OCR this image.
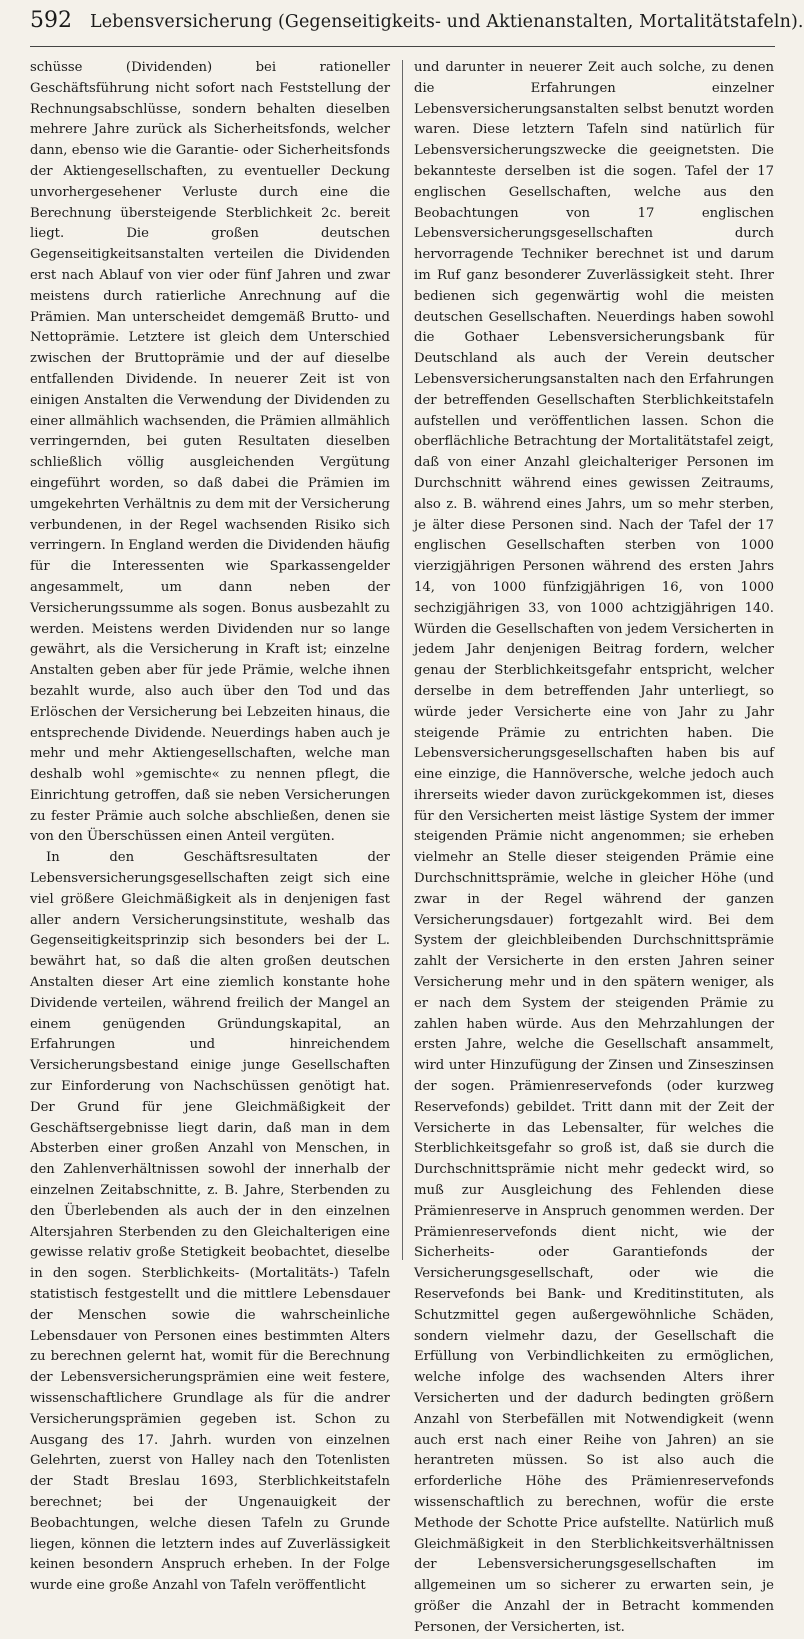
592 Lebensversicherung (Gegenseitigkeits- und Aktienanstalten, Mortalitätstafeln).

schüsse (Dividenden) bei rationeller Geschäftsführung nicht sofort nach Feststellung der Rechnungsabschlüsse, sondern behalten dieselben mehrere Jahre zurück als Sicherheitsfonds, welcher dann, ebenso wie die Garantie- oder Sicherheitsfonds der Aktiengesellschaften, zu eventueller Deckung unvorhergesehener Verluste durch eine die Berechnung übersteigende Sterblichkeit 2c. bereit liegt. Die großen deutschen Gegenseitigkeitsanstalten verteilen die Dividenden erst nach Ablauf von vier oder fünf Jahren und zwar meistens durch ratierliche Anrechnung auf die Prämien. Man unterscheidet demgemäß Brutto- und Nettoprämie. Letztere ist gleich dem Unterschied zwischen der Bruttoprämie und der auf dieselbe entfallenden Dividende. In neuerer Zeit ist von einigen Anstalten die Verwendung der Dividenden zu einer allmählich wachsenden, die Prämien allmählich verringernden, bei guten Resultaten dieselben schließlich völlig ausgleichenden Vergütung eingeführt worden, so daß dabei die Prämien im umgekehrten Verhältnis zu dem mit der Versicherung verbundenen, in der Regel wachsenden Risiko sich verringern. In England werden die Dividenden häufig für die Interessenten wie Sparkassengelder angesammelt, um dann neben der Versicherungssumme als sogen. Bonus ausbezahlt zu werden. Meistens werden Dividenden nur so lange gewährt, als die Versicherung in Kraft ist; einzelne Anstalten geben aber für jede Prämie, welche ihnen bezahlt wurde, also auch über den Tod und das Erlöschen der Versicherung bei Lebzeiten hinaus, die entsprechende Dividende. Neuerdings haben auch je mehr und mehr Aktiengesellschaften, welche man deshalb wohl »gemischte« zu nennen pflegt, die Einrichtung getroffen, daß sie neben Versicherungen zu fester Prämie auch solche abschließen, denen sie von den Überschüssen einen Anteil vergüten.

In den Geschäftsresultaten der Lebensversicherungsgesellschaften zeigt sich eine viel größere Gleichmäßigkeit als in denjenigen fast aller andern Versicherungsinstitute, weshalb das Gegenseitigkeitsprinzip sich besonders bei der L. bewährt hat, so daß die alten großen deutschen Anstalten dieser Art eine ziemlich konstante hohe Dividende verteilen, während freilich der Mangel an einem genügenden Gründungskapital, an Erfahrungen und hinreichendem Versicherungsbestand einige junge Gesellschaften zur Einforderung von Nachschüssen genötigt hat. Der Grund für jene Gleichmäßigkeit der Geschäftsergebnisse liegt darin, daß man in dem Absterben einer großen Anzahl von Menschen, in den Zahlenverhältnissen sowohl der innerhalb der einzelnen Zeitabschnitte, z. B. Jahre, Sterbenden zu den Überlebenden als auch der in den einzelnen Altersjahren Sterbenden zu den Gleichalterigen eine gewisse relativ große Stetigkeit beobachtet, dieselbe in den sogen. Sterblichkeits- (Mortalitäts-) Tafeln statistisch festgestellt und die mittlere Lebensdauer der Menschen sowie die wahrscheinliche Lebensdauer von Personen eines bestimmten Alters zu berechnen gelernt hat, womit für die Berechnung der Lebensversicherungsprämien eine weit festere, wissenschaftlichere Grundlage als für die andrer Versicherungsprämien gegeben ist. Schon zu Ausgang des 17. Jahrh. wurden von einzelnen Gelehrten, zuerst von Halley nach den Totenlisten der Stadt Breslau 1693, Sterblichkeitstafeln berechnet; bei der Ungenauigkeit der Beobachtungen, welche diesen Tafeln zu Grunde liegen, können die letztern indes auf Zuverlässigkeit keinen besondern Anspruch erheben. In der Folge wurde eine große Anzahl von Tafeln veröffentlicht

und darunter in neuerer Zeit auch solche, zu denen die Erfahrungen einzelner Lebensversicherungsanstalten selbst benutzt worden waren. Diese letztern Tafeln sind natürlich für Lebensversicherungszwecke die geeignetsten. Die bekannteste derselben ist die sogen. Tafel der 17 englischen Gesellschaften, welche aus den Beobachtungen von 17 englischen Lebensversicherungsgesellschaften durch hervorragende Techniker berechnet ist und darum im Ruf ganz besonderer Zuverlässigkeit steht. Ihrer bedienen sich gegenwärtig wohl die meisten deutschen Gesellschaften. Neuerdings haben sowohl die Gothaer Lebensversicherungsbank für Deutschland als auch der Verein deutscher Lebensversicherungsanstalten nach den Erfahrungen der betreffenden Gesellschaften Sterblichkeitstafeln aufstellen und veröffentlichen lassen. Schon die oberflächliche Betrachtung der Mortalitätstafel zeigt, daß von einer Anzahl gleichalteriger Personen im Durchschnitt während eines gewissen Zeitraums, also z. B. während eines Jahrs, um so mehr sterben, je älter diese Personen sind. Nach der Tafel der 17 englischen Gesellschaften sterben von 1000 vierzigjährigen Personen während des ersten Jahrs 14, von 1000 fünfzigjährigen 16, von 1000 sechzigjährigen 33, von 1000 achtzigjährigen 140. Würden die Gesellschaften von jedem Versicherten in jedem Jahr denjenigen Beitrag fordern, welcher genau der Sterblichkeitsgefahr entspricht, welcher derselbe in dem betreffenden Jahr unterliegt, so würde jeder Versicherte eine von Jahr zu Jahr steigende Prämie zu entrichten haben. Die Lebensversicherungsgesellschaften haben bis auf eine einzige, die Hannöversche, welche jedoch auch ihrerseits wieder davon zurückgekommen ist, dieses für den Versicherten meist lästige System der immer steigenden Prämie nicht angenommen; sie erheben vielmehr an Stelle dieser steigenden Prämie eine Durchschnittsprämie, welche in gleicher Höhe (und zwar in der Regel während der ganzen Versicherungsdauer) fortgezahlt wird. Bei dem System der gleichbleibenden Durchschnittsprämie zahlt der Versicherte in den ersten Jahren seiner Versicherung mehr und in den spätern weniger, als er nach dem System der steigenden Prämie zu zahlen haben würde. Aus den Mehrzahlungen der ersten Jahre, welche die Gesellschaft ansammelt, wird unter Hinzufügung der Zinsen und Zinseszinsen der sogen. Prämienreservefonds (oder kurzweg Reservefonds) gebildet. Tritt dann mit der Zeit der Versicherte in das Lebensalter, für welches die Sterblichkeitsgefahr so groß ist, daß sie durch die Durchschnittsprämie nicht mehr gedeckt wird, so muß zur Ausgleichung des Fehlenden diese Prämienreserve in Anspruch genommen werden. Der Prämienreservefonds dient nicht, wie der Sicherheits- oder Garantiefonds der Versicherungsgesellschaft, oder wie die Reservefonds bei Bank- und Kreditinstituten, als Schutzmittel gegen außergewöhnliche Schäden, sondern vielmehr dazu, der Gesellschaft die Erfüllung von Verbindlichkeiten zu ermöglichen, welche infolge des wachsenden Alters ihrer Versicherten und der dadurch bedingten größern Anzahl von Sterbefällen mit Notwendigkeit (wenn auch erst nach einer Reihe von Jahren) an sie herantreten müssen. So ist also auch die erforderliche Höhe des Prämienreservefonds wissenschaftlich zu berechnen, wofür die erste Methode der Schotte Price aufstellte. Natürlich muß Gleichmäßigkeit in den Sterblichkeitsverhältnissen der Lebensversicherungsgesellschaften im allgemeinen um so sicherer zu erwarten sein, je größer die Anzahl der in Betracht kommenden Personen, der Versicherten, ist.
